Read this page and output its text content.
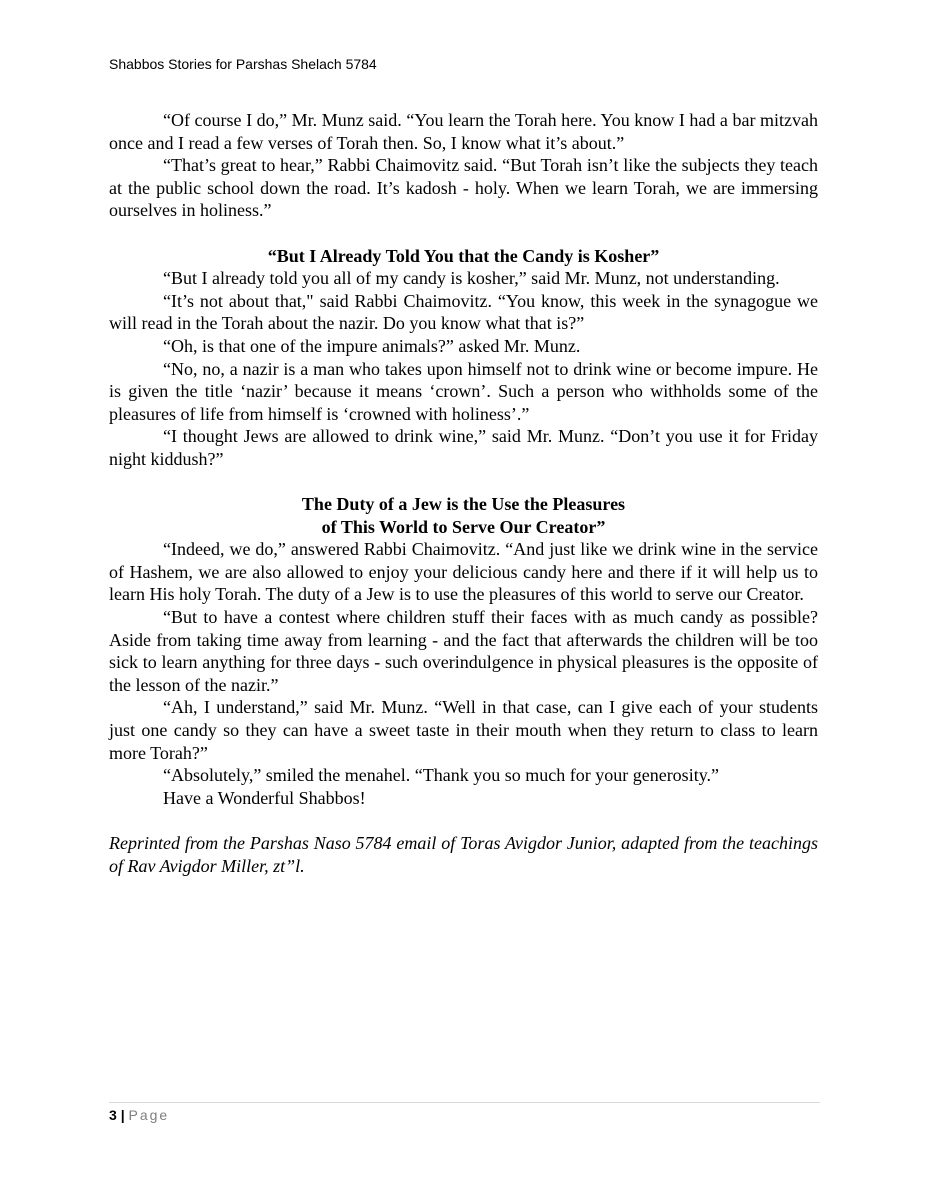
Shabbos Stories for Parshas Shelach 5784

“Of course I do,” Mr. Munz said. “You learn the Torah here. You know I had a bar mitzvah once and I read a few verses of Torah then. So, I know what it’s about.”

“That’s great to hear,” Rabbi Chaimovitz said. “But Torah isn’t like the subjects they teach at the public school down the road. It’s kadosh - holy. When we learn Torah, we are immersing ourselves in holiness.”

“But I Already Told You that the Candy is Kosher”

“But I already told you all of my candy is kosher,” said Mr. Munz, not understanding.

“It’s not about that," said Rabbi Chaimovitz. “You know, this week in the synagogue we will read in the Torah about the nazir. Do you know what that is?”

“Oh, is that one of the impure animals?” asked Mr. Munz.

“No, no, a nazir is a man who takes upon himself not to drink wine or become impure. He is given the title ‘nazir’ because it means ‘crown’. Such a person who withholds some of the pleasures of life from himself is ‘crowned with holiness’.”

“I thought Jews are allowed to drink wine,” said Mr. Munz. “Don’t you use it for Friday night kiddush?”

The Duty of a Jew is the Use the Pleasures

of This World to Serve Our Creator”

“Indeed, we do,” answered Rabbi Chaimovitz. “And just like we drink wine in the service of Hashem, we are also allowed to enjoy your delicious candy here and there if it will help us to learn His holy Torah. The duty of a Jew is to use the pleasures of this world to serve our Creator.

“But to have a contest where children stuff their faces with as much candy as possible? Aside from taking time away from learning - and the fact that afterwards the children will be too sick to learn anything for three days - such overindulgence in physical pleasures is the opposite of the lesson of the nazir.”

“Ah, I understand,” said Mr. Munz. “Well in that case, can I give each of your students just one candy so they can have a sweet taste in their mouth when they return to class to learn more Torah?”

“Absolutely,” smiled the menahel. “Thank you so much for your generosity.”

Have a Wonderful Shabbos!

Reprinted from the Parshas Naso 5784 email of Toras Avigdor Junior, adapted from the teachings of Rav Avigdor Miller, zt”l.

3 | Page
